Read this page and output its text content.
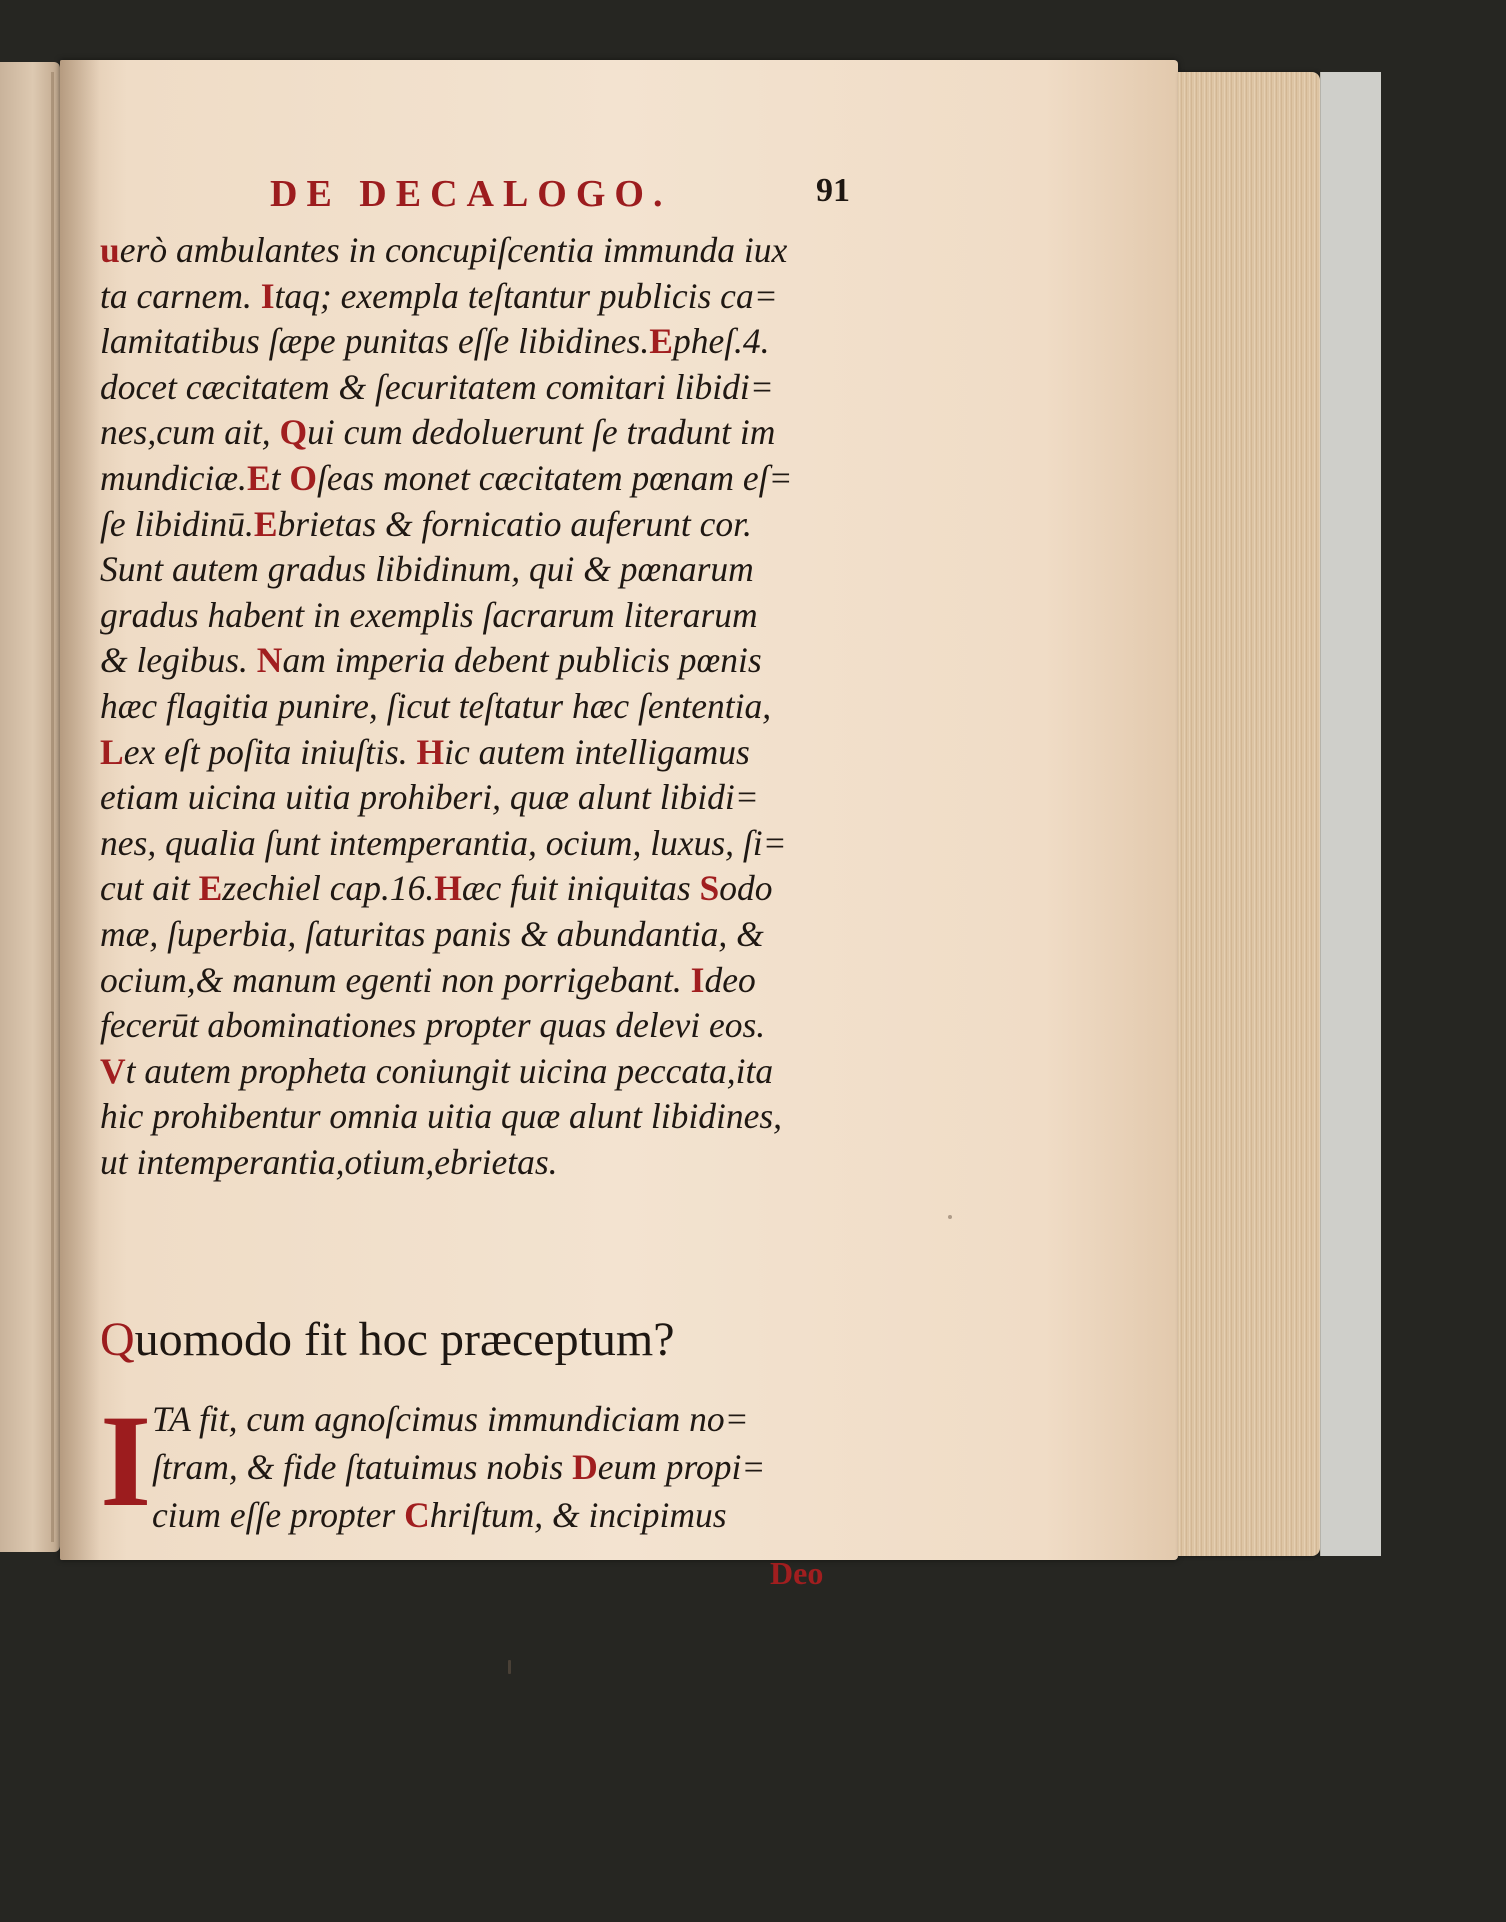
DE DECALOGO.	91
uerò ambulantes in concupiſcentia immunda iux
ta carnem. Itaq; exempla teſtantur publicis ca=
lamitatibus ſæpe punitas eſſe libidines.Epheſ.4.
docet cæcitatem & ſecuritatem comitari libidi=
nes,cum ait, Qui cum dedoluerunt ſe tradunt im
mundiciæ.Et Oſeas monet cæcitatem pœnam eſ=
ſe libidinū.Ebrietas & fornicatio auferunt cor.
Sunt autem gradus libidinum, qui & pœnarum
gradus habent in exemplis ſacrarum literarum
& legibus. Nam imperia debent publicis pœnis
hæc flagitia punire, ſicut teſtatur hæc ſententia,
Lex eſt poſita iniuſtis. Hic autem intelligamus
etiam uicina uitia prohiberi, quæ alunt libidi=
nes, qualia ſunt intemperantia, ocium, luxus, ſi=
cut ait Ezechiel cap.16.Hæc fuit iniquitas Sodo
mæ, ſuperbia, ſaturitas panis & abundantia, &
ocium,& manum egenti non porrigebant. Ideo
fecerūt abominationes propter quas delevi eos.
Vt autem propheta coniungit uicina peccata,ita
hic prohibentur omnia uitia quæ alunt libidines,
ut intemperantia,otium,ebrietas.
Quomodo fit hoc præceptum?
I TA fit, cum agnoſcimus immundiciam no=
ſtram, & fide ſtatuimus nobis Deum propi=
cium eſſe propter Chriſtum, & incipimus
Deo
